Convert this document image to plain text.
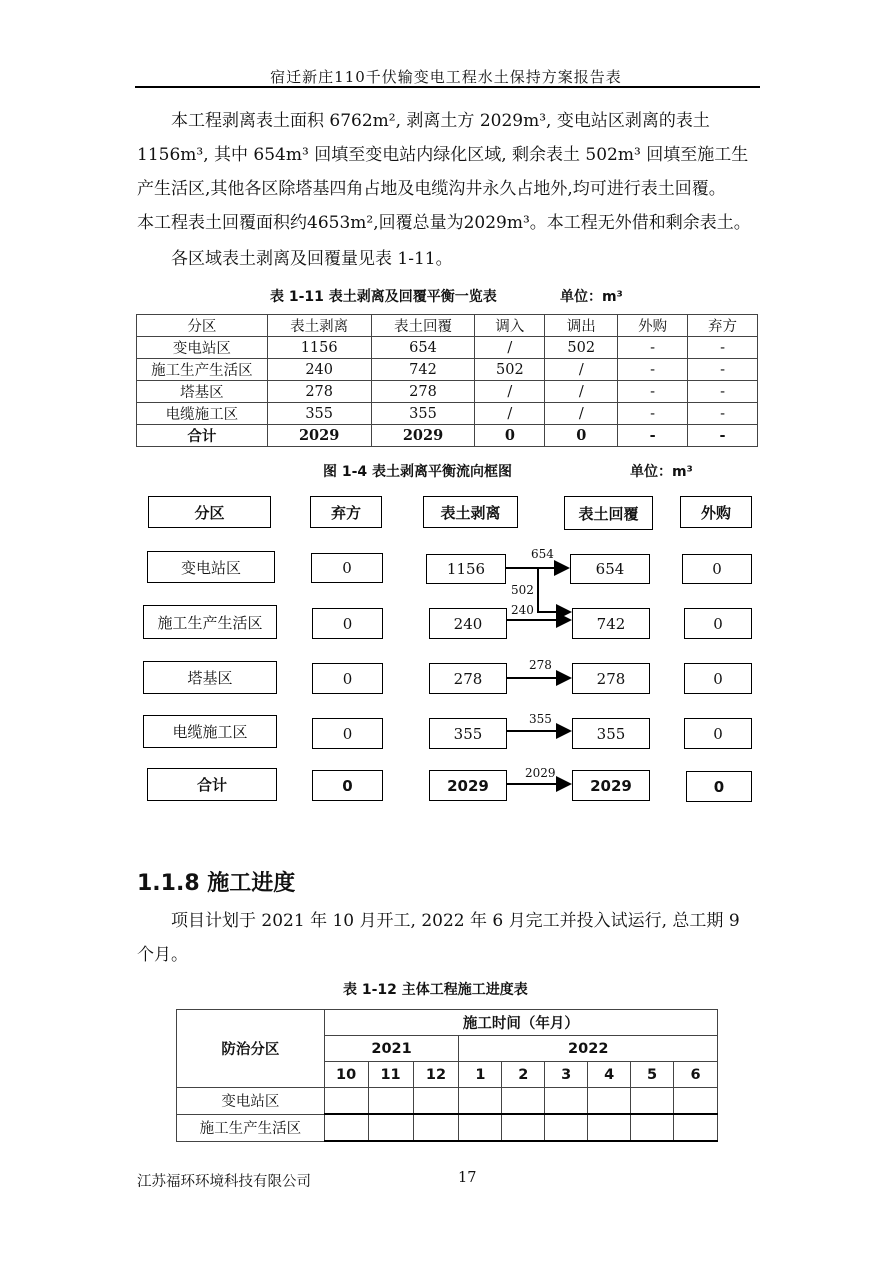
宿迁新庄110千伏输变电工程水土保持方案报告表
本工程剥离表土面积 6762m², 剥离土方 2029m³, 变电站区剥离的表土
1156m³, 其中 654m³ 回填至变电站内绿化区域, 剩余表土 502m³ 回填至施工生
产生活区,其他各区除塔基四角占地及电缆沟井永久占地外,均可进行表土回覆。
本工程表土回覆面积约4653m²,回覆总量为2029m³。本工程无外借和剩余表土。
各区域表土剥离及回覆量见表 1-11。
表 1-11 表土剥离及回覆平衡一览表	单位：m³
分区	表土剥离	表土回覆	调入	调出	外购	弃方
变电站区	1156	654	/	502	-	-
施工生产生活区	240	742	502	/	-	-
塔基区	278	278	/	/	-	-
电缆施工区	355	355	/	/	-	-
合计	2029	2029	0	0	-	-
图 1-4 表土剥离平衡流向框图	单位：m³
分区	弃方	表土剥离	表土回覆	外购
变电站区	0	1156	654	0
施工生产生活区	0	240	742	0
塔基区	0	278	278	0
电缆施工区	0	355	355	0
合计	0	2029	2029	0
654
502
240
278
355
2029
1.1.8 施工进度
项目计划于 2021 年 10 月开工, 2022 年 6 月完工并投入试运行, 总工期 9
个月。
表 1-12 主体工程施工进度表
防治分区	施工时间（年月）								
	2021			2022					
	10	11	12	1	2	3	4	5	6
变电站区									
施工生产生活区									
江苏福环环境科技有限公司	17
